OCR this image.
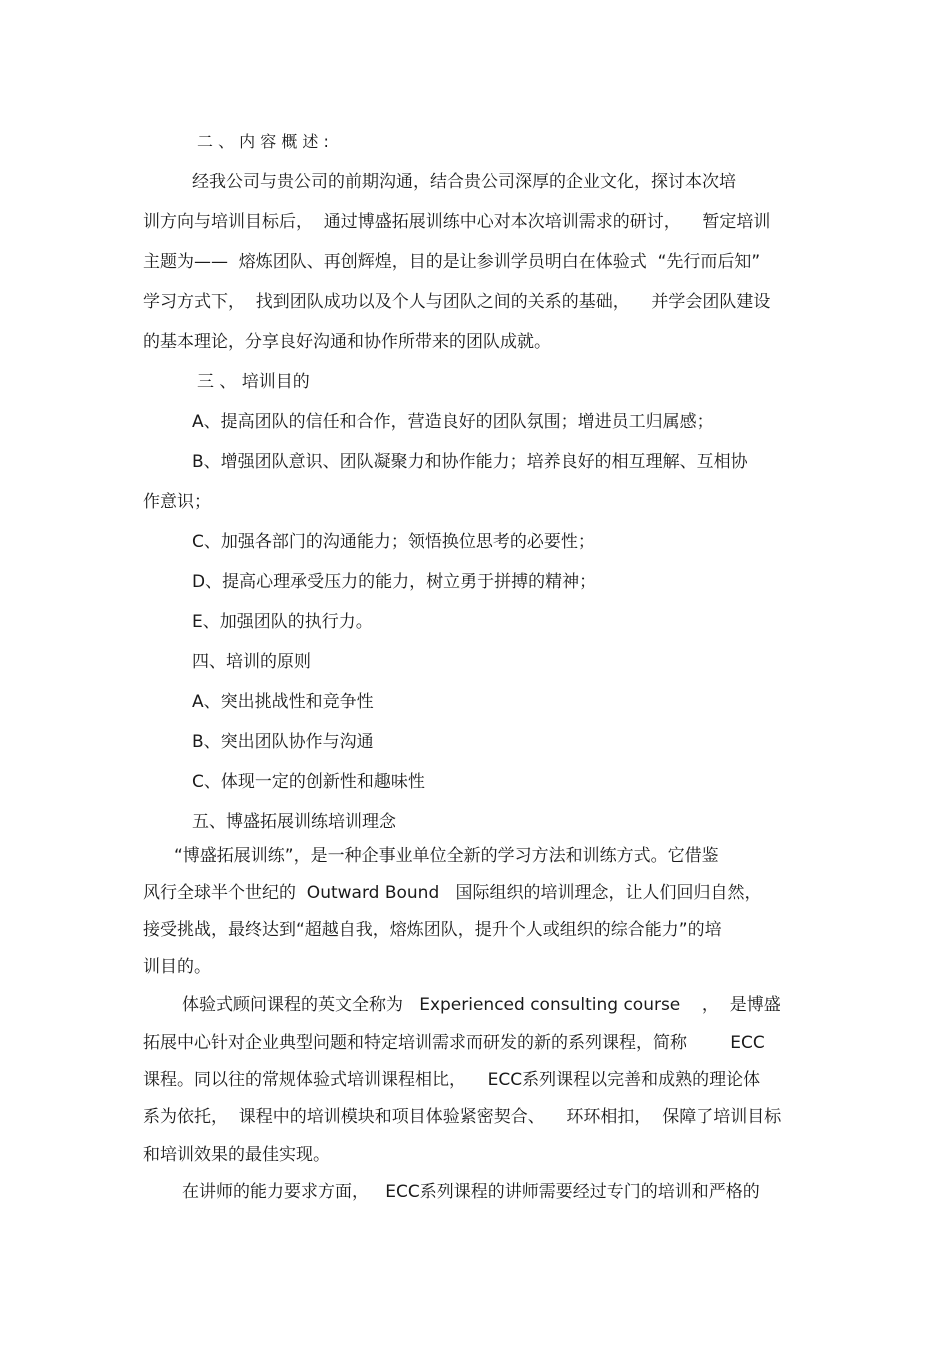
二 、 内 容 概 述 :
经我公司与贵公司的前期沟通，结合贵公司深厚的企业文化，探讨本次培
训方向与培训目标后，  通过博盛拓展训练中心对本次培训需求的研讨，    暂定培训
主题为——  熔炼团队、再创辉煌，目的是让参训学员明白在体验式  “先行而后知”
学习方式下，  找到团队成功以及个人与团队之间的关系的基础，    并学会团队建设
的基本理论，分享良好沟通和协作所带来的团队成就。
三 、 培训目的
A、提高团队的信任和合作，营造良好的团队氛围；增进员工归属感；
B、增强团队意识、团队凝聚力和协作能力；培养良好的相互理解、互相协
作意识；
C、加强各部门的沟通能力；领悟换位思考的必要性；
D、提高心理承受压力的能力，树立勇于拼搏的精神；
E、加强团队的执行力。
四、培训的原则
A、突出挑战性和竞争性
B、突出团队协作与沟通
C、体现一定的创新性和趣味性
五、博盛拓展训练培训理念
“博盛拓展训练”，是一种企事业单位全新的学习方法和训练方式。它借鉴
风行全球半个世纪的  Outward Bound   国际组织的培训理念，让人们回归自然，
接受挑战，最终达到“超越自我，熔炼团队，提升个人或组织的综合能力”的培
训目的。
体验式顾问课程的英文全称为   Experienced consulting course    ，  是博盛
拓展中心针对企业典型问题和特定培训需求而研发的新的系列课程，简称        ECC
课程。同以往的常规体验式培训课程相比，    ECC系列课程以完善和成熟的理论体
系为依托，  课程中的培训模块和项目体验紧密契合、    环环相扣，  保障了培训目标
和培训效果的最佳实现。
在讲师的能力要求方面，   ECC系列课程的讲师需要经过专门的培训和严格的
